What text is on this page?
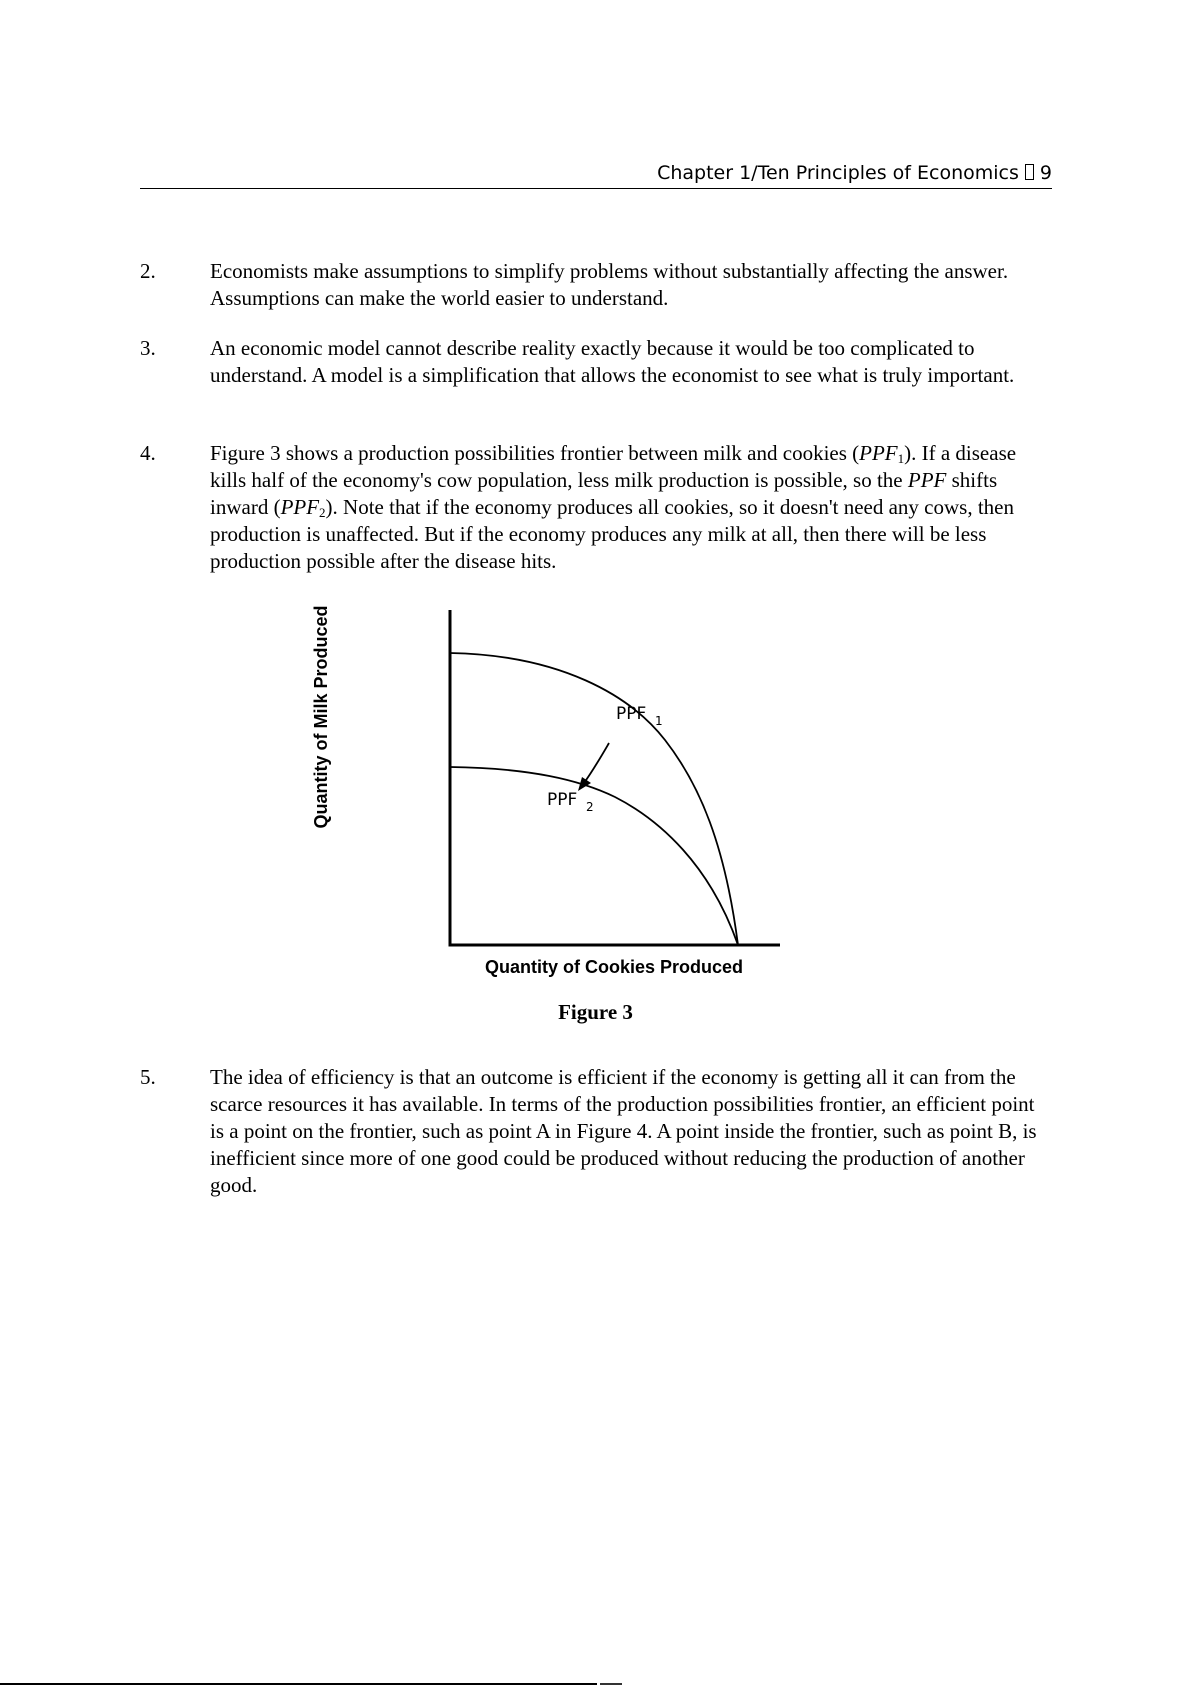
Chapter 1/Ten Principles of Economics 9
2.	Economists make assumptions to simplify problems without substantially affecting the answer. Assumptions can make the world easier to understand.
3.	An economic model cannot describe reality exactly because it would be too complicated to understand. A model is a simplification that allows the economist to see what is truly important.
4.	Figure 3 shows a production possibilities frontier between milk and cookies $(PPF_1)$. If a disease kills half of the economy's cow population, less milk production is possible, so the PPF shifts inward $(PPF_2)$. Note that if the economy produces all cookies, so it doesn't need any cows, then production is unaffected. But if the economy produces any milk at all, then there will be less production possible after the disease hits.
PPF 1
PPF 2
Quantity of Milk Produced
Quantity of Cookies Produced
Figure 3
5.	The idea of efficiency is that an outcome is efficient if the economy is getting all it can from the scarce resources it has available. In terms of the production possibilities frontier, an efficient point is a point on the frontier, such as point A in Figure 4. A point inside the frontier, such as point B, is inefficient since more of one good could be produced without reducing the production of another good.
